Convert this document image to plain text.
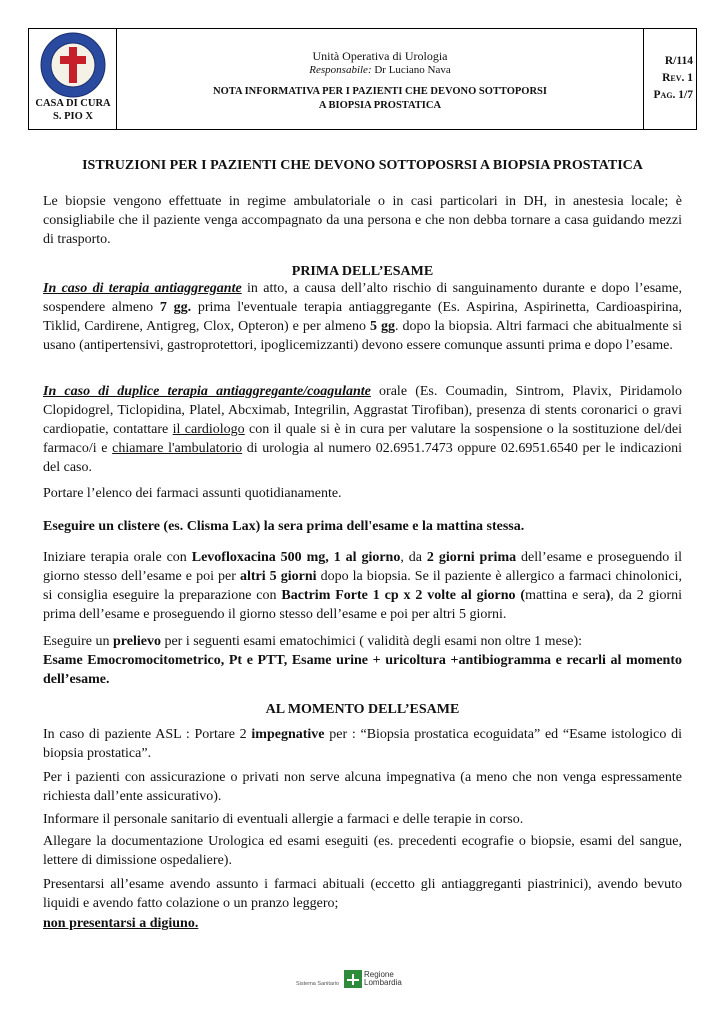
CASA DI CURA
S. PIO X
Unità Operativa di Urologia
Responsabile: Dr Luciano Nava
NOTA INFORMATIVA PER I PAZIENTI CHE DEVONO SOTTOPORSI
A BIOPSIA PROSTATICA
R/114
Rev. 1
Pag. 1/7
ISTRUZIONI PER I PAZIENTI CHE DEVONO SOTTOPOSRSI A BIOPSIA PROSTATICA
Le biopsie vengono effettuate in regime ambulatoriale o in casi particolari in DH, in anestesia locale; è consigliabile che il paziente venga accompagnato da una persona e che non debba tornare a casa guidando mezzi di trasporto.
PRIMA DELL’ESAME
In caso di terapia antiaggregante in atto, a causa dell’alto rischio di sanguinamento durante e dopo l’esame, sospendere almeno 7 gg. prima l'eventuale terapia antiaggregante (Es. Aspirina, Aspirinetta, Cardioaspirina, Tiklid, Cardirene, Antigreg, Clox, Opteron) e per almeno 5 gg. dopo la biopsia. Altri farmaci che abitualmente si usano (antipertensivi, gastroprotettori, ipoglicemizzanti) devono essere comunque assunti prima e dopo l’esame.
In caso di duplice terapia antiaggregante/coagulante orale (Es. Coumadin, Sintrom, Plavix, Piridamolo Clopidogrel, Ticlopidina, Platel, Abcximab, Integrilin, Aggrastat Tirofiban), presenza di stents coronarici o gravi cardiopatie, contattare il cardiologo con il quale si è in cura per valutare la sospensione o la sostituzione del/dei farmaco/i e chiamare l'ambulatorio di urologia al numero 02.6951.7473 oppure 02.6951.6540 per le indicazioni del caso.
Portare l’elenco dei farmaci assunti quotidianamente.
Eseguire un clistere (es. Clisma Lax) la sera prima dell'esame e la mattina stessa.
Iniziare terapia orale con Levofloxacina 500 mg, 1 al giorno, da 2 giorni prima dell’esame e proseguendo il giorno stesso dell’esame e poi per altri 5 giorni dopo la biopsia. Se il paziente è allergico a farmaci chinolonici, si consiglia eseguire la preparazione con Bactrim Forte 1 cp x 2 volte al giorno (mattina e sera), da 2 giorni prima dell’esame e proseguendo il giorno stesso dell’esame e poi per altri 5 giorni.
Eseguire un prelievo per i seguenti esami ematochimici ( validità degli esami non oltre 1 mese):
Esame Emocromocitometrico, Pt e PTT, Esame urine + uricoltura +antibiogramma e recarli al momento dell’esame.
AL MOMENTO DELL’ESAME
In caso di paziente ASL : Portare 2 impegnative per : “Biopsia prostatica ecoguidata” ed “Esame istologico di biopsia prostatica”.
Per i pazienti con assicurazione o privati non serve alcuna impegnativa (a meno che non venga espressamente richiesta dall’ente assicurativo).
Informare il personale sanitario di eventuali allergie a farmaci e delle terapie in corso.
Allegare la documentazione Urologica ed esami eseguiti (es. precedenti ecografie o biopsie, esami del sangue, lettere di dimissione ospedaliere).
Presentarsi all’esame avendo assunto i farmaci abituali (eccetto gli antiaggreganti piastrinici), avendo bevuto liquidi e avendo fatto colazione o un pranzo leggero;
non presentarsi a digiuno.
Sistema Sanitario
Regione
Lombardia
